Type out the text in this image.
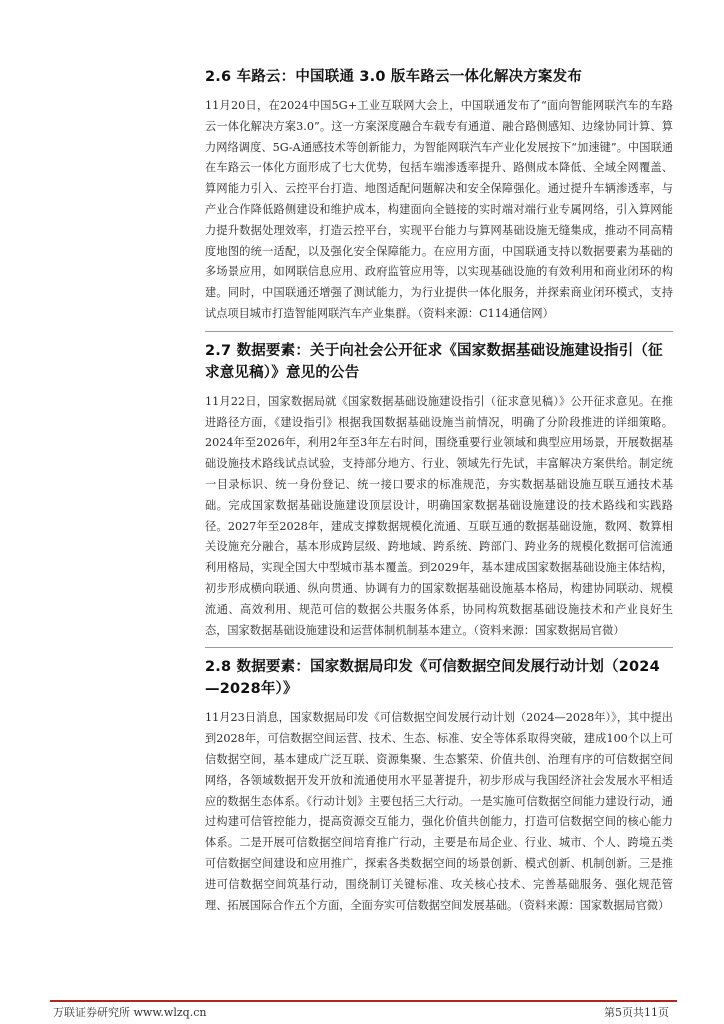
2.6 车路云：中国联通 3.0 版车路云一体化解决方案发布

11月20日，在2024中国5G+工业互联网大会上，中国联通发布了“面向智能网联汽车的车路云一体化解决方案3.0”。这一方案深度融合车载专有通道、融合路侧感知、边缘协同计算、算力网络调度、5G-A通感技术等创新能力，为智能网联汽车产业化发展按下“加速键”。中国联通在车路云一体化方面形成了七大优势，包括车端渗透率提升、路侧成本降低、全域全网覆盖、算网能力引入、云控平台打造、地图适配问题解决和安全保障强化。通过提升车辆渗透率，与产业合作降低路侧建设和维护成本，构建面向全链接的实时端对端行业专属网络，引入算网能力提升数据处理效率，打造云控平台，实现平台能力与算网基础设施无缝集成，推动不同高精度地图的统一适配，以及强化安全保障能力。在应用方面，中国联通支持以数据要素为基础的多场景应用，如网联信息应用、政府监管应用等，以实现基础设施的有效利用和商业闭环的构建。同时，中国联通还增强了测试能力，为行业提供一体化服务，并探索商业闭环模式，支持试点项目城市打造智能网联汽车产业集群。（资料来源：C114通信网）

2.7 数据要素：关于向社会公开征求《国家数据基础设施建设指引（征求意见稿）》意见的公告

11月22日，国家数据局就《国家数据基础设施建设指引（征求意见稿）》公开征求意见。在推进路径方面，《建设指引》根据我国数据基础设施当前情况，明确了分阶段推进的详细策略。2024年至2026年，利用2年至3年左右时间，围绕重要行业领域和典型应用场景，开展数据基础设施技术路线试点试验，支持部分地方、行业、领域先行先试，丰富解决方案供给。制定统一目录标识、统一身份登记、统一接口要求的标准规范，夯实数据基础设施互联互通技术基础。完成国家数据基础设施建设顶层设计，明确国家数据基础设施建设的技术路线和实践路径。2027年至2028年，建成支撑数据规模化流通、互联互通的数据基础设施，数网、数算相关设施充分融合，基本形成跨层级、跨地域、跨系统、跨部门、跨业务的规模化数据可信流通利用格局，实现全国大中型城市基本覆盖。到2029年，基本建成国家数据基础设施主体结构，初步形成横向联通、纵向贯通、协调有力的国家数据基础设施基本格局，构建协同联动、规模流通、高效利用、规范可信的数据公共服务体系，协同构筑数据基础设施技术和产业良好生态，国家数据基础设施建设和运营体制机制基本建立。（资料来源：国家数据局官微）

2.8 数据要素：国家数据局印发《可信数据空间发展行动计划（2024—2028年）》

11月23日消息，国家数据局印发《可信数据空间发展行动计划（2024—2028年）》，其中提出到2028年，可信数据空间运营、技术、生态、标准、安全等体系取得突破，建成100个以上可信数据空间，基本建成广泛互联、资源集聚、生态繁荣、价值共创、治理有序的可信数据空间网络，各领域数据开发开放和流通使用水平显著提升，初步形成与我国经济社会发展水平相适应的数据生态体系。《行动计划》主要包括三大行动。一是实施可信数据空间能力建设行动，通过构建可信管控能力，提高资源交互能力，强化价值共创能力，打造可信数据空间的核心能力体系。二是开展可信数据空间培育推广行动，主要是布局企业、行业、城市、个人、跨境五类可信数据空间建设和应用推广，探索各类数据空间的场景创新、模式创新、机制创新。三是推进可信数据空间筑基行动，围绕制订关键标准、攻关核心技术、完善基础服务、强化规范管理、拓展国际合作五个方面，全面夯实可信数据空间发展基础。（资料来源：国家数据局官微）

万联证券研究所 www.wlzq.cn	第5页共11页
